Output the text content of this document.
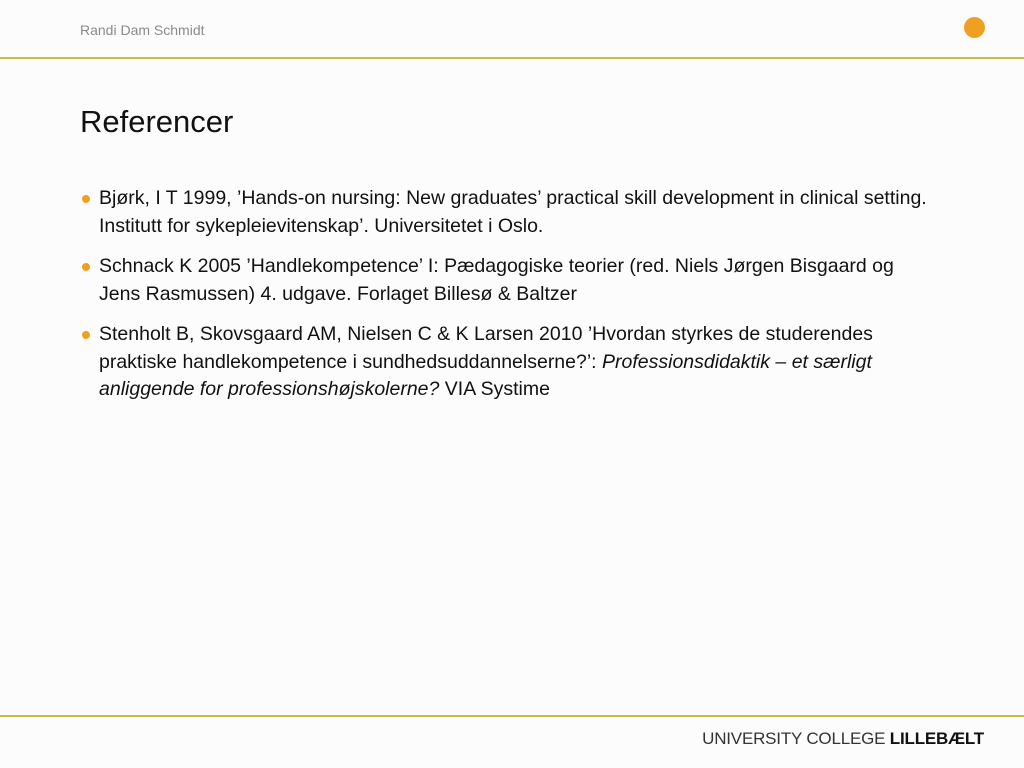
Randi Dam Schmidt
Referencer
Bjørk, I T 1999, ’Hands-on nursing: New graduates’ practical skill development in clinical setting. Institutt for sykepleievitenskap’. Universitetet i Oslo.
Schnack K 2005 ’Handlekompetence’ I: Pædagogiske teorier (red. Niels Jørgen Bisgaard og Jens Rasmussen) 4. udgave. Forlaget Billesø & Baltzer
Stenholt B, Skovsgaard AM, Nielsen C & K Larsen 2010 ’Hvordan styrkes de studerendes praktiske handlekompetence i sundhedsuddannelserne?’: Professionsdidaktik – et særligt anliggende for professionshøjskolerne? VIA Systime
UNIVERSITY COLLEGE LILLEBÆLT
